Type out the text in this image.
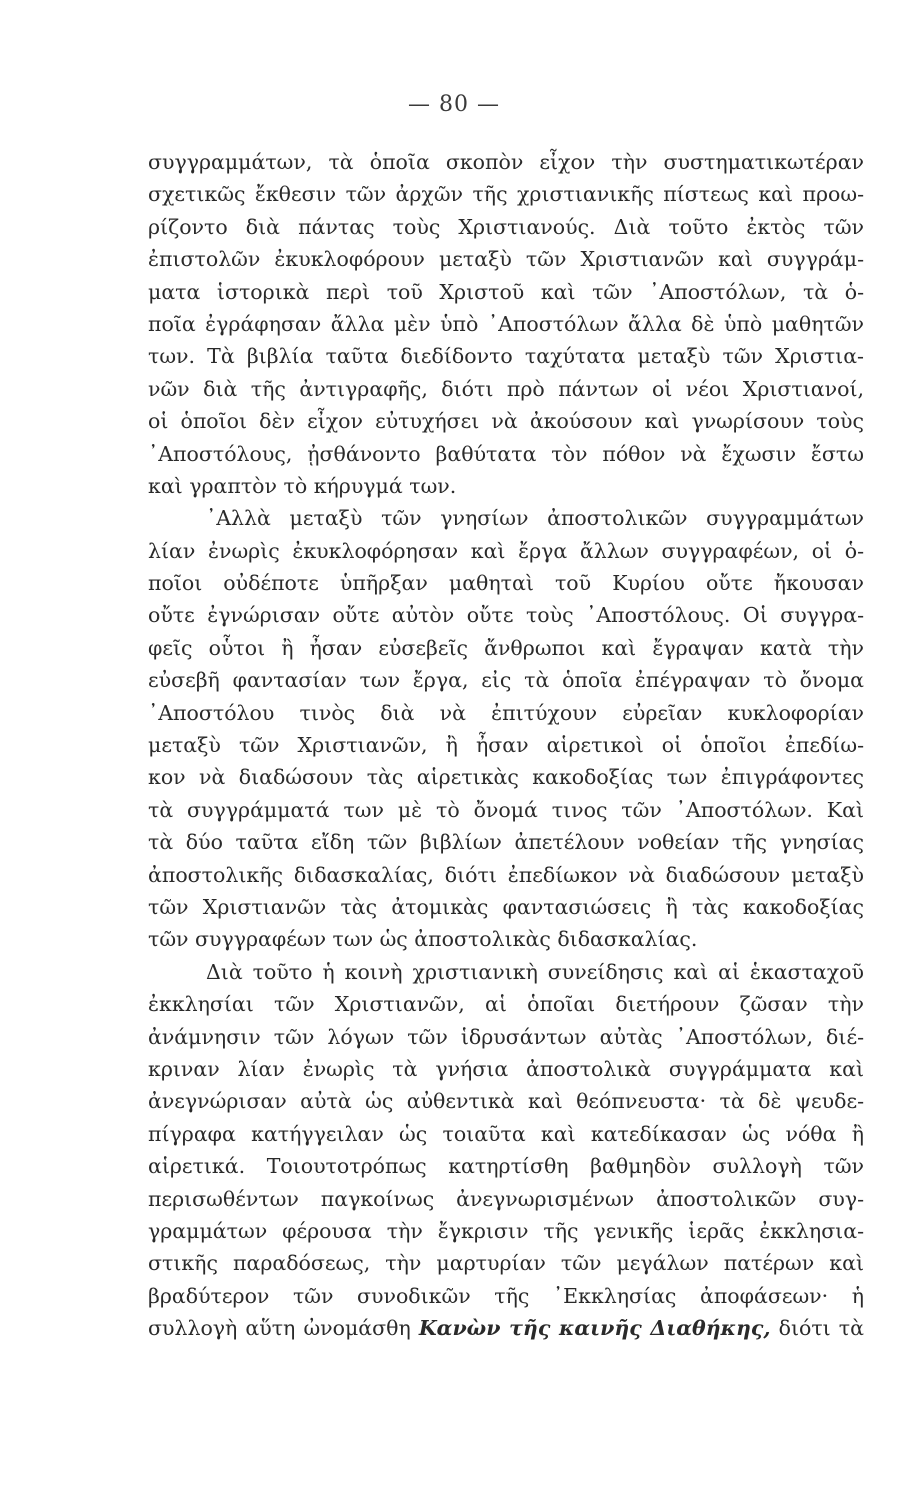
— 80 —
συγγραμμάτων, τὰ ὁποῖα σκοπὸν εἶχον τὴν συστηματικωτέραν
σχετικῶς ἔκθεσιν τῶν ἀρχῶν τῆς χριστιανικῆς πίστεως καὶ προω-
ρίζοντο διὰ πάντας τοὺς Χριστιανούς. Διὰ τοῦτο ἐκτὸς τῶν
ἐπιστολῶν ἐκυκλοφόρουν μεταξὺ τῶν Χριστιανῶν καὶ συγγράμ-
ματα ἱστορικὰ περὶ τοῦ Χριστοῦ καὶ τῶν ᾿Αποστόλων, τὰ ὁ-
ποῖα ἐγράφησαν ἄλλα μὲν ὑπὸ ᾿Αποστόλων ἄλλα δὲ ὑπὸ μαθητῶν
των. Τὰ βιβλία ταῦτα διεδίδοντο ταχύτατα μεταξὺ τῶν Χριστια-
νῶν διὰ τῆς ἀντιγραφῆς, διότι πρὸ πάντων οἱ νέοι Χριστιανοί,
οἱ ὁποῖοι δὲν εἶχον εὐτυχήσει νὰ ἀκούσουν καὶ γνωρίσουν τοὺς
᾿Αποστόλους, ᾐσθάνοντο βαθύτατα τὸν πόθον νὰ ἔχωσιν ἔστω
καὶ γραπτὸν τὸ κήρυγμά των.
᾿Αλλὰ μεταξὺ τῶν γνησίων ἀποστολικῶν συγγραμμάτων
λίαν ἐνωρὶς ἐκυκλοφόρησαν καὶ ἔργα ἄλλων συγγραφέων, οἱ ὁ-
ποῖοι οὐδέποτε ὑπῆρξαν μαθηταὶ τοῦ Κυρίου οὔτε ἤκουσαν
οὔτε ἐγνώρισαν οὔτε αὐτὸν οὔτε τοὺς ᾿Αποστόλους. Οἱ συγγρα-
φεῖς οὗτοι ἢ ἦσαν εὐσεβεῖς ἄνθρωποι καὶ ἔγραψαν κατὰ τὴν
εὐσεβῆ φαντασίαν των ἔργα, εἰς τὰ ὁποῖα ἐπέγραψαν τὸ ὄνομα
᾿Αποστόλου τινὸς διὰ νὰ ἐπιτύχουν εὐρεῖαν κυκλοφορίαν
μεταξὺ τῶν Χριστιανῶν, ἢ ἦσαν αἱρετικοὶ οἱ ὁποῖοι ἐπεδίω-
κον νὰ διαδώσουν τὰς αἱρετικὰς κακοδοξίας των ἐπιγράφοντες
τὰ συγγράμματά των μὲ τὸ ὄνομά τινος τῶν ᾿Αποστόλων. Καὶ
τὰ δύο ταῦτα εἴδη τῶν βιβλίων ἀπετέλουν νοθείαν τῆς γνησίας
ἀποστολικῆς διδασκαλίας, διότι ἐπεδίωκον νὰ διαδώσουν μεταξὺ
τῶν Χριστιανῶν τὰς ἀτομικὰς φαντασιώσεις ἢ τὰς κακοδοξίας
τῶν συγγραφέων των ὡς ἀποστολικὰς διδασκαλίας.
Διὰ τοῦτο ἡ κοινὴ χριστιανικὴ συνείδησις καὶ αἱ ἑκασταχοῦ
ἐκκλησίαι τῶν Χριστιανῶν, αἱ ὁποῖαι διετήρουν ζῶσαν τὴν
ἀνάμνησιν τῶν λόγων τῶν ἱδρυσάντων αὐτὰς ᾿Αποστόλων, διέ-
κριναν λίαν ἐνωρὶς τὰ γνήσια ἀποστολικὰ συγγράμματα καὶ
ἀνεγνώρισαν αὐτὰ ὡς αὐθεντικὰ καὶ θεόπνευστα· τὰ δὲ ψευδε-
πίγραφα κατήγγειλαν ὡς τοιαῦτα καὶ κατεδίκασαν ὡς νόθα ἢ
αἱρετικά. Τοιουτοτρόπως κατηρτίσθη βαθμηδὸν συλλογὴ τῶν
περισωθέντων παγκοίνως ἀνεγνωρισμένων ἀποστολικῶν συγ-
γραμμάτων φέρουσα τὴν ἔγκρισιν τῆς γενικῆς ἱερᾶς ἐκκλησια-
στικῆς παραδόσεως, τὴν μαρτυρίαν τῶν μεγάλων πατέρων καὶ
βραδύτερον τῶν συνοδικῶν τῆς ᾿Εκκλησίας ἀποφάσεων· ἡ
συλλογὴ αὕτη ὠνομάσθη Κανὼν τῆς καινῆς Διαθήκης, διότι τὰ
